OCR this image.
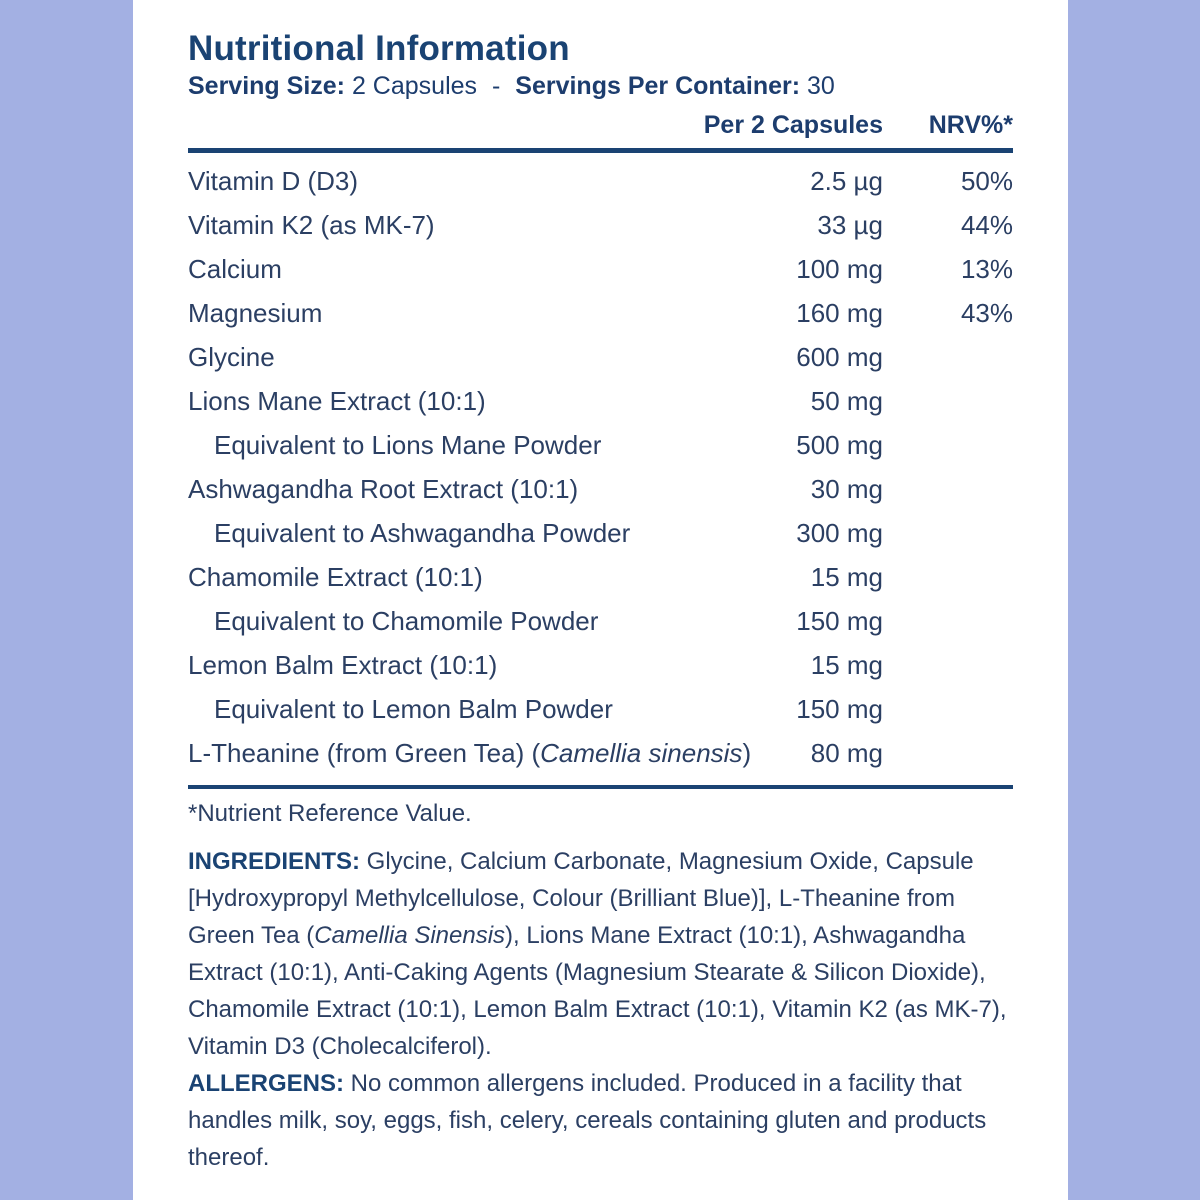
Nutritional Information
Serving Size: 2 Capsules - Servings Per Container: 30
Per 2 Capsules	NRV%*
Vitamin D (D3)	2.5 µg	50%
Vitamin K2 (as MK-7)	33 µg	44%
Calcium	100 mg	13%
Magnesium	160 mg	43%
Glycine	600 mg
Lions Mane Extract (10:1)	50 mg
Equivalent to Lions Mane Powder	500 mg
Ashwagandha Root Extract (10:1)	30 mg
Equivalent to Ashwagandha Powder	300 mg
Chamomile Extract (10:1)	15 mg
Equivalent to Chamomile Powder	150 mg
Lemon Balm Extract (10:1)	15 mg
Equivalent to Lemon Balm Powder	150 mg
L-Theanine (from Green Tea) (Camellia sinensis)	80 mg
*Nutrient Reference Value.
INGREDIENTS: Glycine, Calcium Carbonate, Magnesium Oxide, Capsule [Hydroxypropyl Methylcellulose, Colour (Brilliant Blue)], L-Theanine from Green Tea (Camellia Sinensis), Lions Mane Extract (10:1), Ashwagandha Extract (10:1), Anti-Caking Agents (Magnesium Stearate & Silicon Dioxide), Chamomile Extract (10:1), Lemon Balm Extract (10:1), Vitamin K2 (as MK-7), Vitamin D3 (Cholecalciferol).
ALLERGENS: No common allergens included. Produced in a facility that handles milk, soy, eggs, fish, celery, cereals containing gluten and products thereof.
